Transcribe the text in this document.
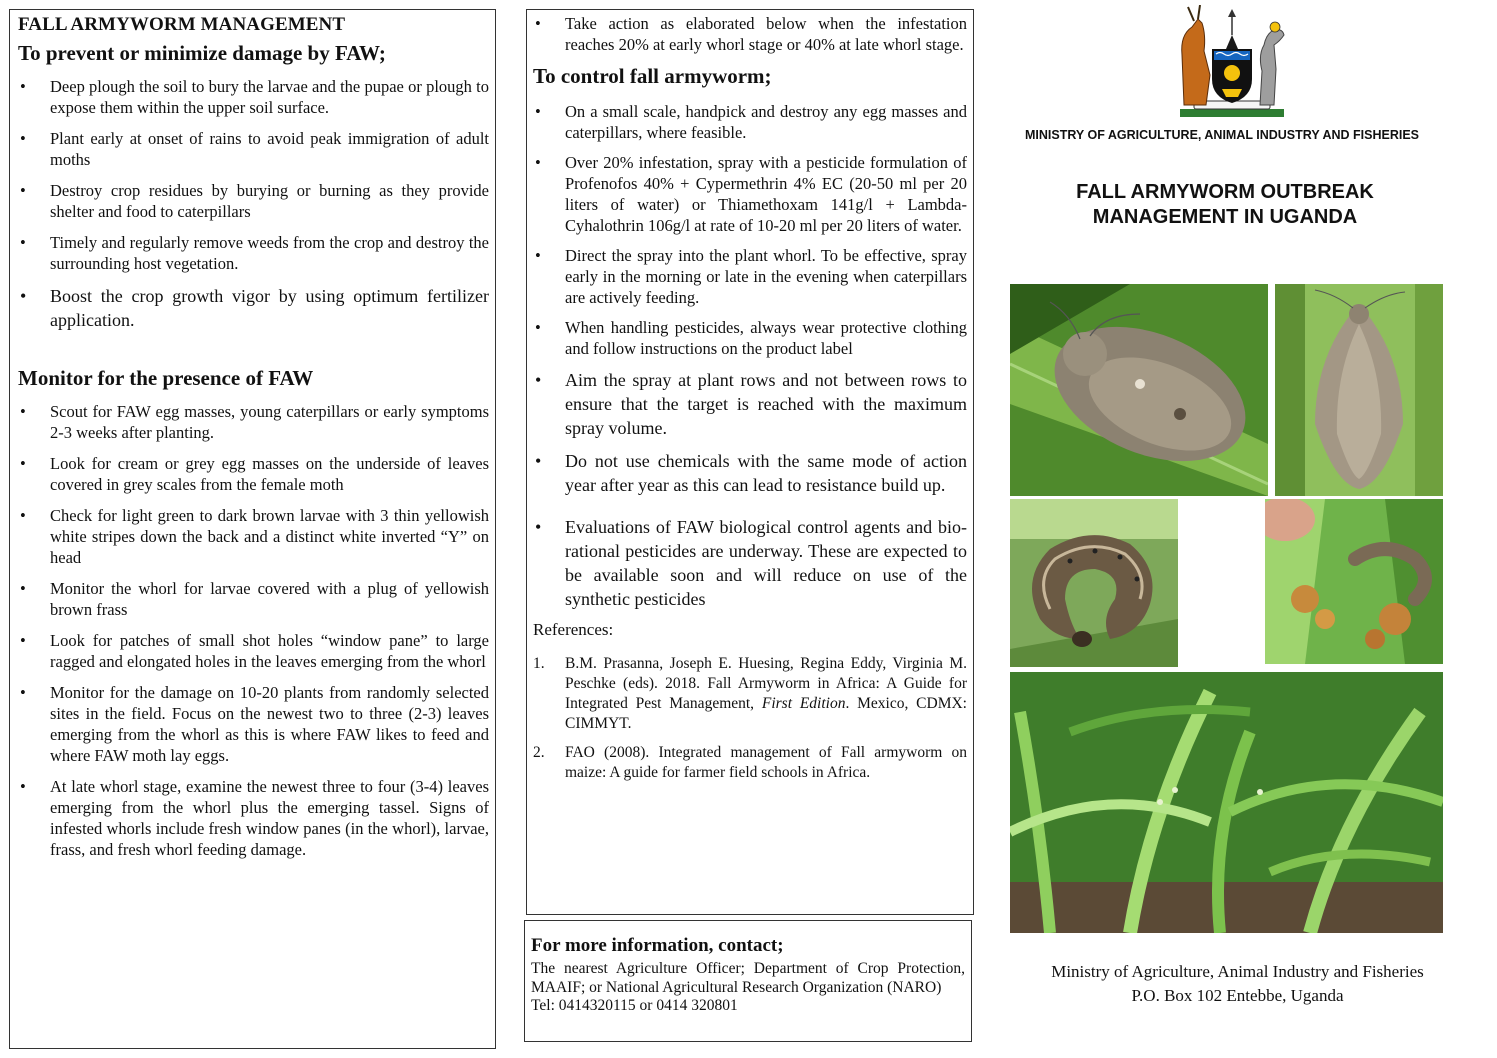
FALL ARMYWORM MANAGEMENT
To prevent or minimize damage by FAW;
• Deep plough the soil to bury the larvae and the pupae or plough to expose them within the upper soil surface.
• Plant early at onset of rains to avoid peak immigration of adult moths
• Destroy crop residues by burying or burning as they provide shelter and food to caterpillars
• Timely and regularly remove weeds from the crop and destroy the surrounding host vegetation.
• Boost the crop growth vigor by using optimum fertilizer application.
Monitor for the presence of FAW
• Scout for FAW egg masses, young caterpillars or early symptoms 2-3 weeks after planting.
• Look for cream or grey egg masses on the underside of leaves covered in grey scales from the female moth
• Check for light green to dark brown larvae with 3 thin yellowish white stripes down the back and a distinct white inverted “Y” on head
• Monitor the whorl for larvae covered with a plug of yellowish brown frass
• Look for patches of small shot holes “window pane” to large ragged and elongated holes in the leaves emerging from the whorl
• Monitor for the damage on 10-20 plants from randomly selected sites in the field. Focus on the newest two to three (2-3) leaves emerging from the whorl as this is where FAW likes to feed and where FAW moth lay eggs.
• At late whorl stage, examine the newest three to four (3-4) leaves emerging from the whorl plus the emerging tassel. Signs of infested whorls include fresh window panes (in the whorl), larvae, frass, and fresh whorl feeding damage.
• Take action as elaborated below when the infestation reaches 20% at early whorl stage or 40% at late whorl stage.
To control fall armyworm;
• On a small scale, handpick and destroy any egg masses and caterpillars, where feasible.
• Over 20% infestation, spray with a pesticide formulation of Profenofos 40% + Cypermethrin 4% EC (20-50 ml per 20 liters of water) or Thiamethoxam 141g/l + Lambda-Cyhalothrin 106g/l at rate of 10-20 ml per 20 liters of water.
• Direct the spray into the plant whorl. To be effective, spray early in the morning or late in the evening when caterpillars are actively feeding.
• When handling pesticides, always wear protective clothing and follow instructions on the product label
• Aim the spray at plant rows and not between rows to ensure that the target is reached with the maximum spray volume.
• Do not use chemicals with the same mode of action year after year as this can lead to resistance build up.
• Evaluations of FAW biological control agents and bio-rational pesticides are underway. These are expected to be available soon and will reduce on use of the synthetic pesticides
References:
1. B.M. Prasanna, Joseph E. Huesing, Regina Eddy, Virginia M. Peschke (eds). 2018. Fall Armyworm in Africa: A Guide for Integrated Pest Management, First Edition. Mexico, CDMX: CIMMYT.
2. FAO (2008). Integrated management of Fall armyworm on maize: A guide for farmer field schools in Africa.
For more information, contact;
The nearest Agriculture Officer; Department of Crop Protection, MAAIF; or National Agricultural Research Organization (NARO)
Tel: 0414320115 or 0414 320801
MINISTRY OF AGRICULTURE, ANIMAL INDUSTRY AND FISHERIES
FALL ARMYWORM OUTBREAK
MANAGEMENT IN UGANDA
Ministry of Agriculture, Animal Industry and Fisheries
P.O. Box 102 Entebbe, Uganda
